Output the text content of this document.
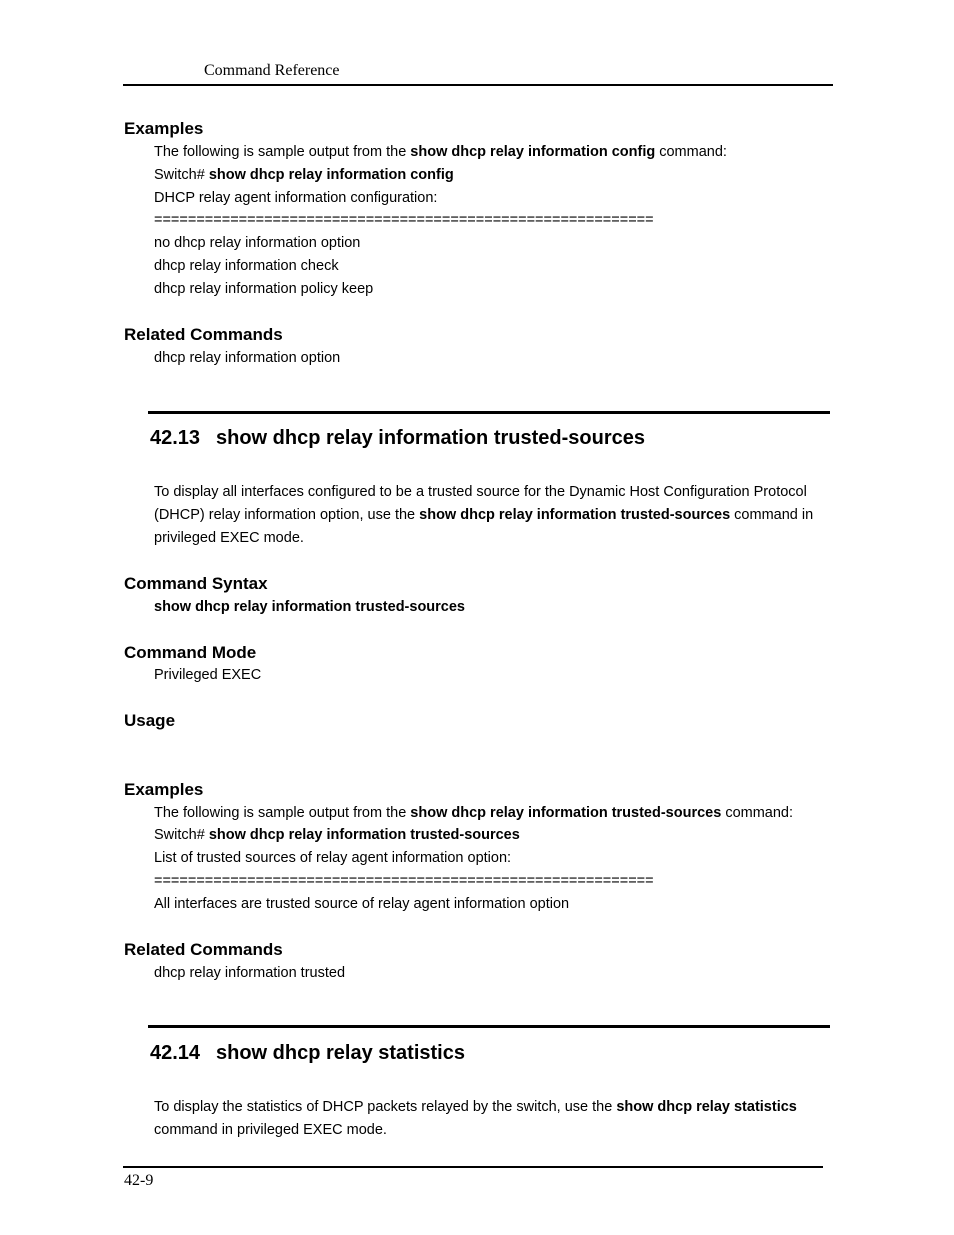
Command Reference
Examples
The following is sample output from the show dhcp relay information config command:
Switch# show dhcp relay information config
DHCP relay agent information configuration:
===========================================================
no dhcp relay information option
dhcp relay information check
dhcp relay information policy keep
Related Commands
dhcp relay information option
42.13 show dhcp relay information trusted-sources
To display all interfaces configured to be a trusted source for the Dynamic Host Configuration Protocol
(DHCP) relay information option, use the show dhcp relay information trusted-sources command in
privileged EXEC mode.
Command Syntax
show dhcp relay information trusted-sources
Command Mode
Privileged EXEC
Usage
Examples
The following is sample output from the show dhcp relay information trusted-sources command:
Switch# show dhcp relay information trusted-sources
List of trusted sources of relay agent information option:
===========================================================
All interfaces are trusted source of relay agent information option
Related Commands
dhcp relay information trusted
42.14 show dhcp relay statistics
To display the statistics of DHCP packets relayed by the switch, use the show dhcp relay statistics
command in privileged EXEC mode.
42-9
